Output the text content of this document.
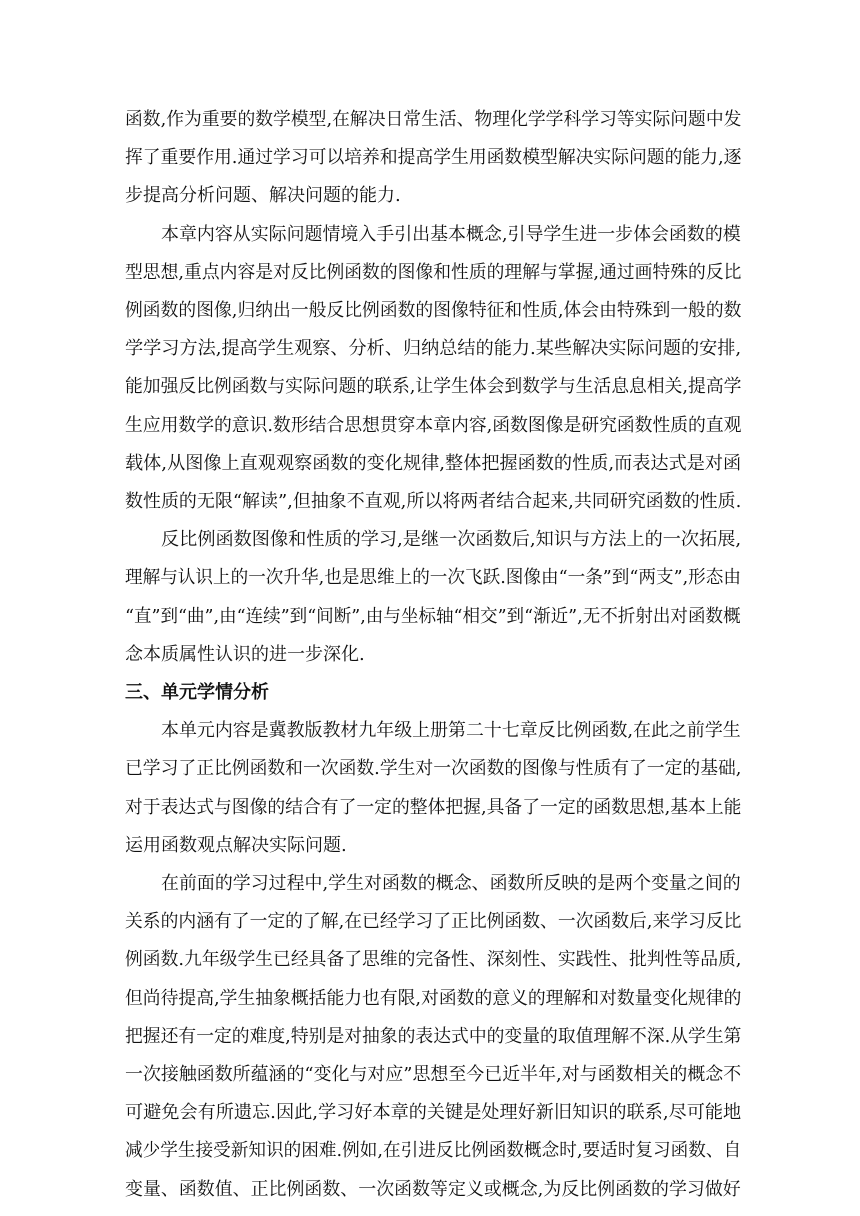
函数,作为重要的数学模型,在解决日常生活、物理化学学科学习等实际问题中发
挥了重要作用.通过学习可以培养和提高学生用函数模型解决实际问题的能力,逐
步提高分析问题、解决问题的能力.
本章内容从实际问题情境入手引出基本概念,引导学生进一步体会函数的模
型思想,重点内容是对反比例函数的图像和性质的理解与掌握,通过画特殊的反比
例函数的图像,归纳出一般反比例函数的图像特征和性质,体会由特殊到一般的数
学学习方法,提高学生观察、分析、归纳总结的能力.某些解决实际问题的安排,
能加强反比例函数与实际问题的联系,让学生体会到数学与生活息息相关,提高学
生应用数学的意识.数形结合思想贯穿本章内容,函数图像是研究函数性质的直观
载体,从图像上直观观察函数的变化规律,整体把握函数的性质,而表达式是对函
数性质的无限“解读”,但抽象不直观,所以将两者结合起来,共同研究函数的性质.
反比例函数图像和性质的学习,是继一次函数后,知识与方法上的一次拓展,
理解与认识上的一次升华,也是思维上的一次飞跃.图像由“一条”到“两支”,形态由
“直”到“曲”,由“连续”到“间断”,由与坐标轴“相交”到“渐近”,无不折射出对函数概
念本质属性认识的进一步深化.
三、单元学情分析
本单元内容是冀教版教材九年级上册第二十七章反比例函数,在此之前学生
已学习了正比例函数和一次函数.学生对一次函数的图像与性质有了一定的基础,
对于表达式与图像的结合有了一定的整体把握,具备了一定的函数思想,基本上能
运用函数观点解决实际问题.
在前面的学习过程中,学生对函数的概念、函数所反映的是两个变量之间的
关系的内涵有了一定的了解,在已经学习了正比例函数、一次函数后,来学习反比
例函数.九年级学生已经具备了思维的完备性、深刻性、实践性、批判性等品质,
但尚待提高,学生抽象概括能力也有限,对函数的意义的理解和对数量变化规律的
把握还有一定的难度,特别是对抽象的表达式中的变量的取值理解不深.从学生第
一次接触函数所蕴涵的“变化与对应”思想至今已近半年,对与函数相关的概念不
可避免会有所遗忘.因此,学习好本章的关键是处理好新旧知识的联系,尽可能地
减少学生接受新知识的困难.例如,在引进反比例函数概念时,要适时复习函数、自
变量、函数值、正比例函数、一次函数等定义或概念,为反比例函数的学习做好
